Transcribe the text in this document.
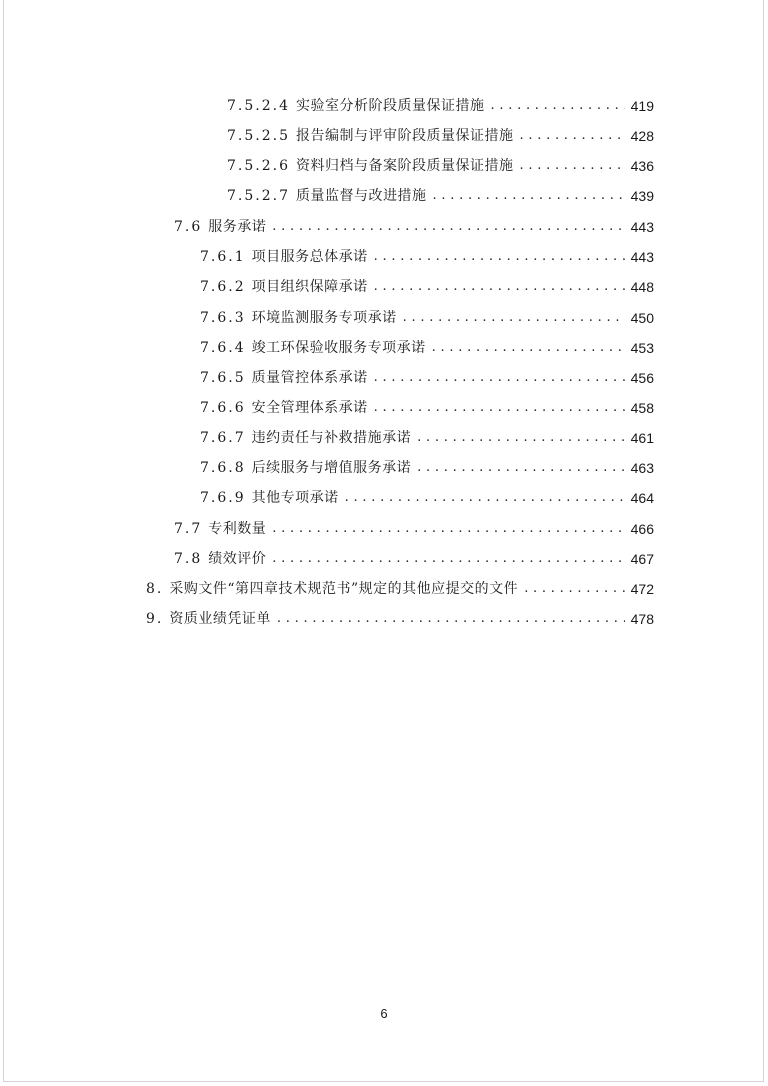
7.5.2.4 实验室分析阶段质量保证措施 . . .	419
7.5.2.5 报告编制与评审阶段质量保证措施 . . .	428
7.5.2.6 资料归档与备案阶段质量保证措施 . . .	436
7.5.2.7 质量监督与改进措施 . . .	439
7.6 服务承诺 . . .	443
7.6.1 项目服务总体承诺 . . .	443
7.6.2 项目组织保障承诺 . . .	448
7.6.3 环境监测服务专项承诺 . . .	450
7.6.4 竣工环保验收服务专项承诺 . . .	453
7.6.5 质量管控体系承诺 . . .	456
7.6.6 安全管理体系承诺 . . .	458
7.6.7 违约责任与补救措施承诺 . . .	461
7.6.8 后续服务与增值服务承诺 . . .	463
7.6.9 其他专项承诺 . . .	464
7.7 专利数量 . . .	466
7.8 绩效评价 . . .	467
8. 采购文件“第四章技术规范书”规定的其他应提交的文件 . . .	472
9. 资质业绩凭证单 . . .	478
6
